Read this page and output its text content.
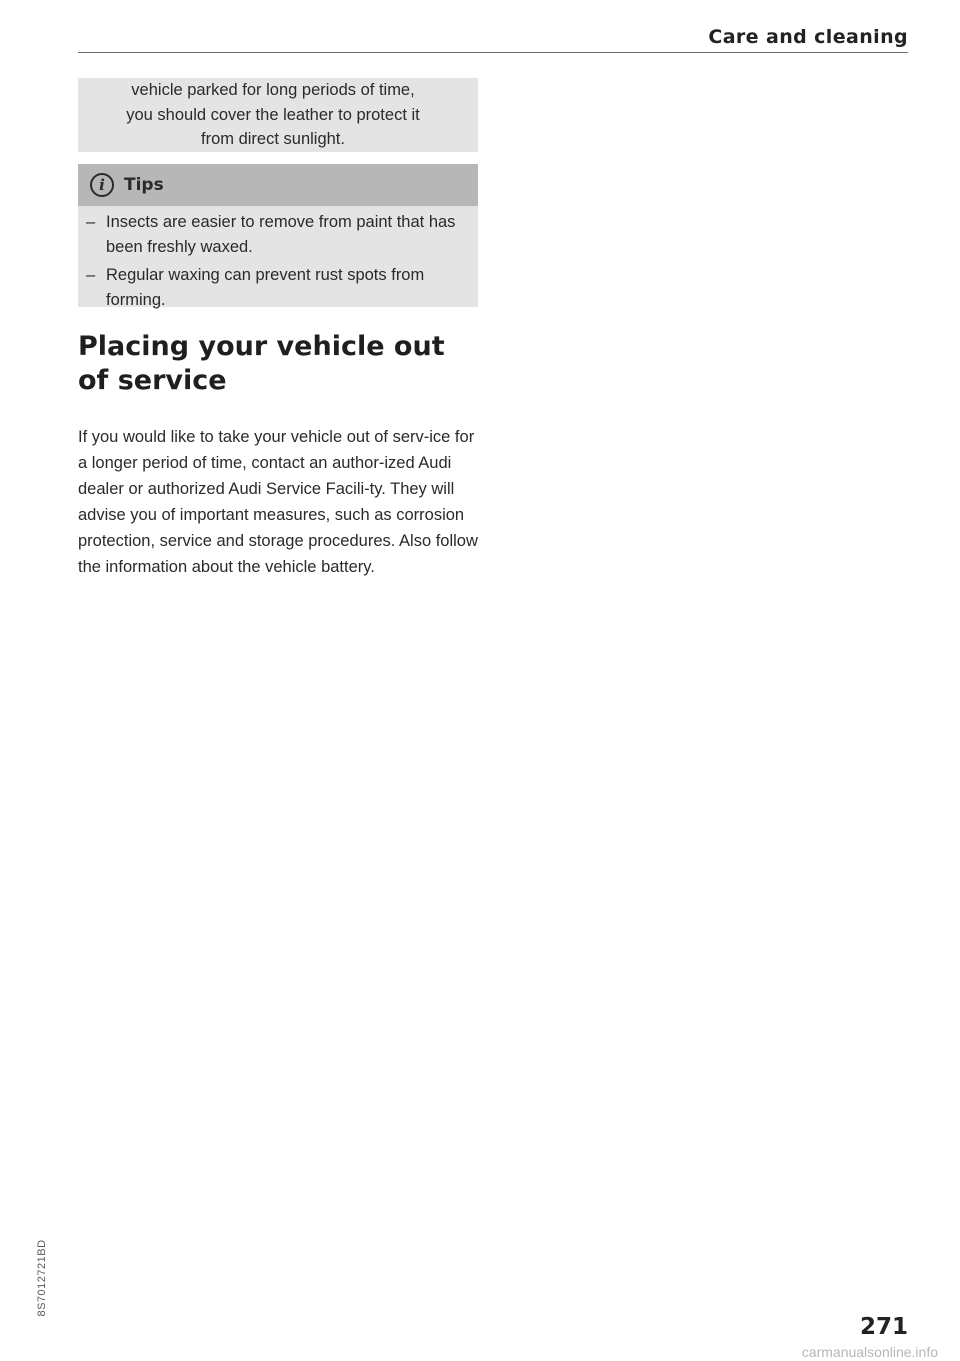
Care and cleaning

vehicle parked for long periods of time,

you should cover the leather to protect it

from direct sunlight.

i	Tips
– Insects are easier to remove from paint that has been freshly waxed.
– Regular waxing can prevent rust spots from forming.
Placing your vehicle out of service

If you would like to take your vehicle out of serv-ice for a longer period of time, contact an author-ized Audi dealer or authorized Audi Service Facili-ty. They will advise you of important measures, such as corrosion protection, service and storage procedures. Also follow the information about the vehicle battery.

271
8S7012721BD
carmanualsonline.info
